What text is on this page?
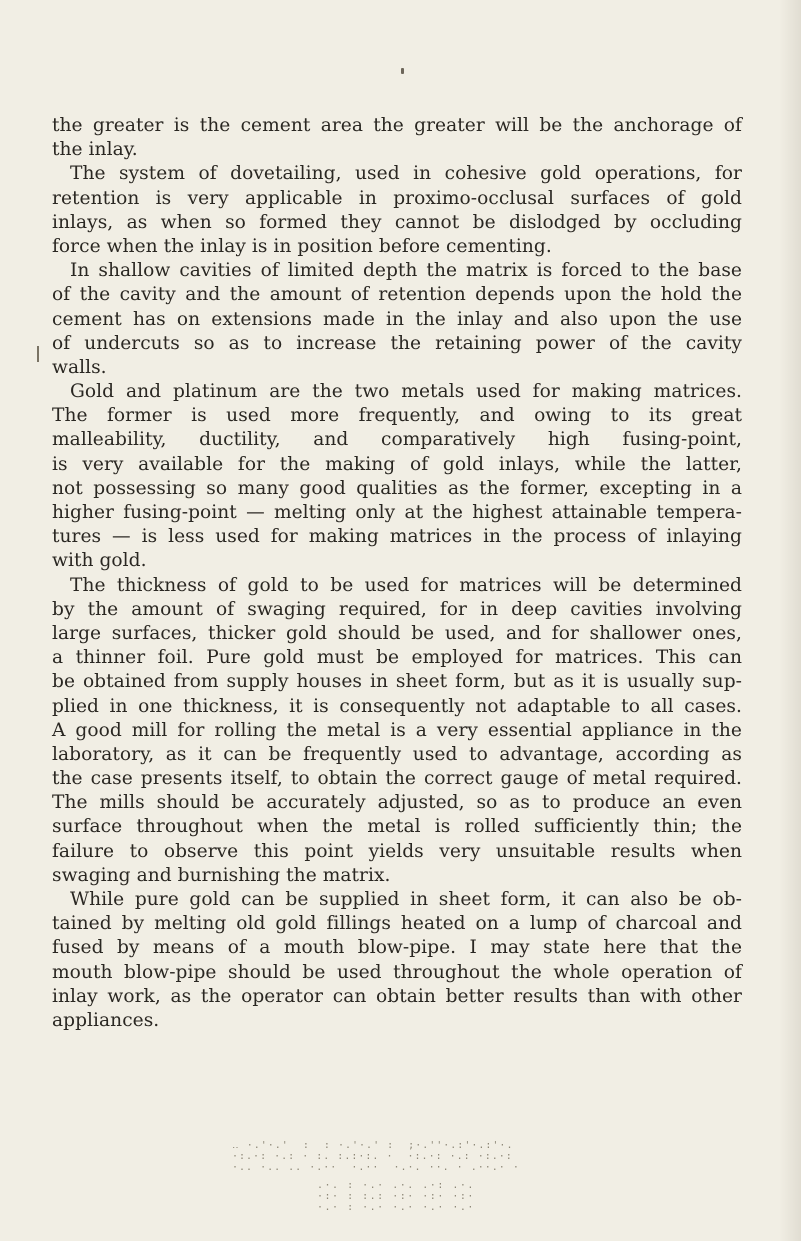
the greater is the cement area the greater will be the anchorage of
the inlay.
The system of dovetailing, used in cohesive gold operations, for
retention is very applicable in proximo-occlusal surfaces of gold
inlays, as when so formed they cannot be dislodged by occluding
force when the inlay is in position before cementing.
In shallow cavities of limited depth the matrix is forced to the base
of the cavity and the amount of retention depends upon the hold the
cement has on extensions made in the inlay and also upon the use
of undercuts so as to increase the retaining power of the cavity
walls.
Gold and platinum are the two metals used for making matrices.
The former is used more frequently, and owing to its great
malleability, ductility, and comparatively high fusing-point,
is very available for the making of gold inlays, while the latter,
not possessing so many good qualities as the former, excepting in a
higher fusing-point — melting only at the highest attainable tempera-
tures — is less used for making matrices in the process of inlaying
with gold.
The thickness of gold to be used for matrices will be determined
by the amount of swaging required, for in deep cavities involving
large surfaces, thicker gold should be used, and for shallower ones,
a thinner foil. Pure gold must be employed for matrices. This can
be obtained from supply houses in sheet form, but as it is usually sup-
plied in one thickness, it is consequently not adaptable to all cases.
A good mill for rolling the metal is a very essential appliance in the
laboratory, as it can be frequently used to advantage, according as
the case presents itself, to obtain the correct gauge of metal required.
The mills should be accurately adjusted, so as to produce an even
surface throughout when the metal is rolled sufficiently thin; the
failure to observe this point yields very unsuitable results when
swaging and burnishing the matrix.
While pure gold can be supplied in sheet form, it can also be ob-
tained by melting old gold fillings heated on a lump of charcoal and
fused by means of a mouth blow-pipe. I may state here that the
mouth blow-pipe should be used throughout the whole operation of
inlay work, as the operator can obtain better results than with other
appliances.
‥ ·.'·.'  :  : ·.'·.' :  ;·.''·.:'·.:'·.
·:.·: ·.: · :. :.:·:. ·  ·:.·: ·.: ·:.·:
·.. ·.. .. ·.··  ·.··  ·.·. ··. · .··.· ·
.·. : ·.· .·. .·: .·.
·:· : :.: ·:· ·:· ·:·
·.· : ·.· ·.· ·.· ·.·
